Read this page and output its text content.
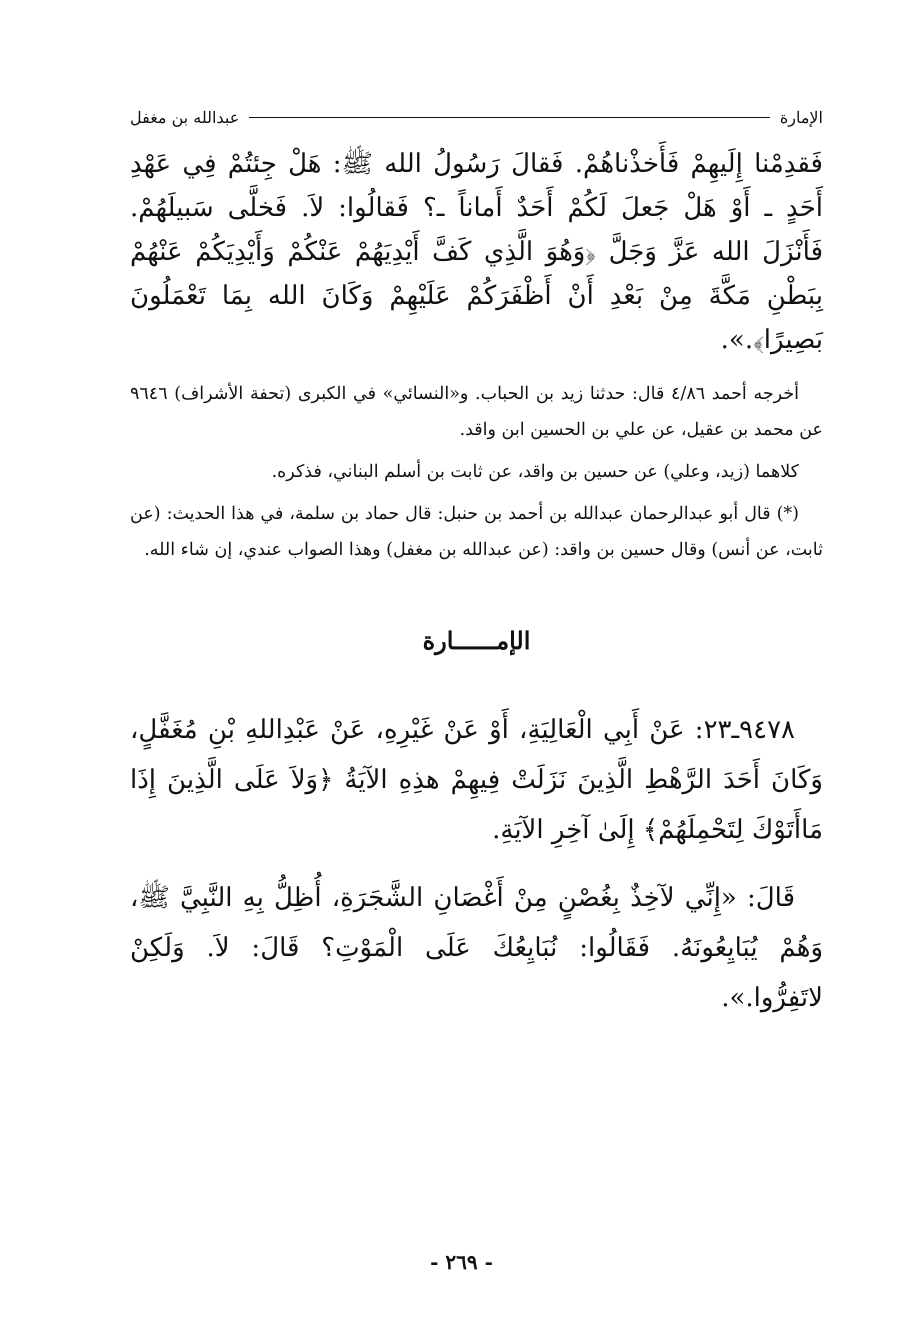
الإمارة
عبدالله بن مغفل

فَقدِمْنا إِلَيهِمْ فَأَخذْناهُمْ. فَقالَ رَسُولُ الله ﷺ: هَلْ جِئتُمْ فِي عَهْدِ أَحَدٍ ـ أَوْ هَلْ جَعلَ لَكُمْ أَحَدٌ أَماناً ـ؟ فَقالُوا: لاَ. فَخلَّى سَبيلَهُمْ. فَأَنْزَلَ الله عَزَّ وَجَلَّ ﴿وَهُوَ الَّذِي كَفَّ أَيْدِيَهُمْ عَنْكُمْ وَأَيْدِيَكُمْ عَنْهُمْ بِبَطْنِ مَكَّةَ مِنْ بَعْدِ أَنْ أَظْفَرَكُمْ عَلَيْهِمْ وَكَانَ الله بِمَا تَعْمَلُونَ بَصِيرًا﴾.».

أخرجه أحمد ٤/٨٦ قال: حدثنا زيد بن الحباب. و«النسائي» في الكبرى (تحفة الأشراف) ٩٦٤٦ عن محمد بن عقيل، عن علي بن الحسين ابن واقد.

كلاهما (زيد، وعلي) عن حسين بن واقد، عن ثابت بن أسلم البناني، فذكره.

(*) قال أبو عبدالرحمان عبدالله بن أحمد بن حنبل: قال حماد بن سلمة، في هذا الحديث: (عن ثابت، عن أنس) وقال حسين بن واقد: (عن عبدالله بن مغفل) وهذا الصواب عندي، إن شاء الله.

الإمــــــارة

٩٤٧٨ـ٢٣: عَنْ أَبِي الْعَالِيَةِ، أَوْ عَنْ غَيْرِهِ، عَنْ عَبْدِاللهِ بْنِ مُغَفَّلٍ، وَكَانَ أَحَدَ الرَّهْطِ الَّذِينَ نَزَلَتْ فِيهِمْ هذِهِ الآيَةُ ﴿وَلاَ عَلَى الَّذِينَ إِذَا مَاأَتَوْكَ لِتَحْمِلَهُمْ﴾ إِلَىٰ آخِرِ الآيَةِ.

قَالَ: «إِنِّي لآخِذٌ بِغُصْنٍ مِنْ أَغْصَانِ الشَّجَرَةِ، أُظِلُّ بِهِ النَّبِيَّ ﷺ، وَهُمْ يُبَايِعُونَهُ. فَقَالُوا: نُبَايِعُكَ عَلَى الْمَوْتِ؟ قَالَ: لاَ. وَلَكِنْ لاتَفِرُّوا.».

- ٢٦٩ -
